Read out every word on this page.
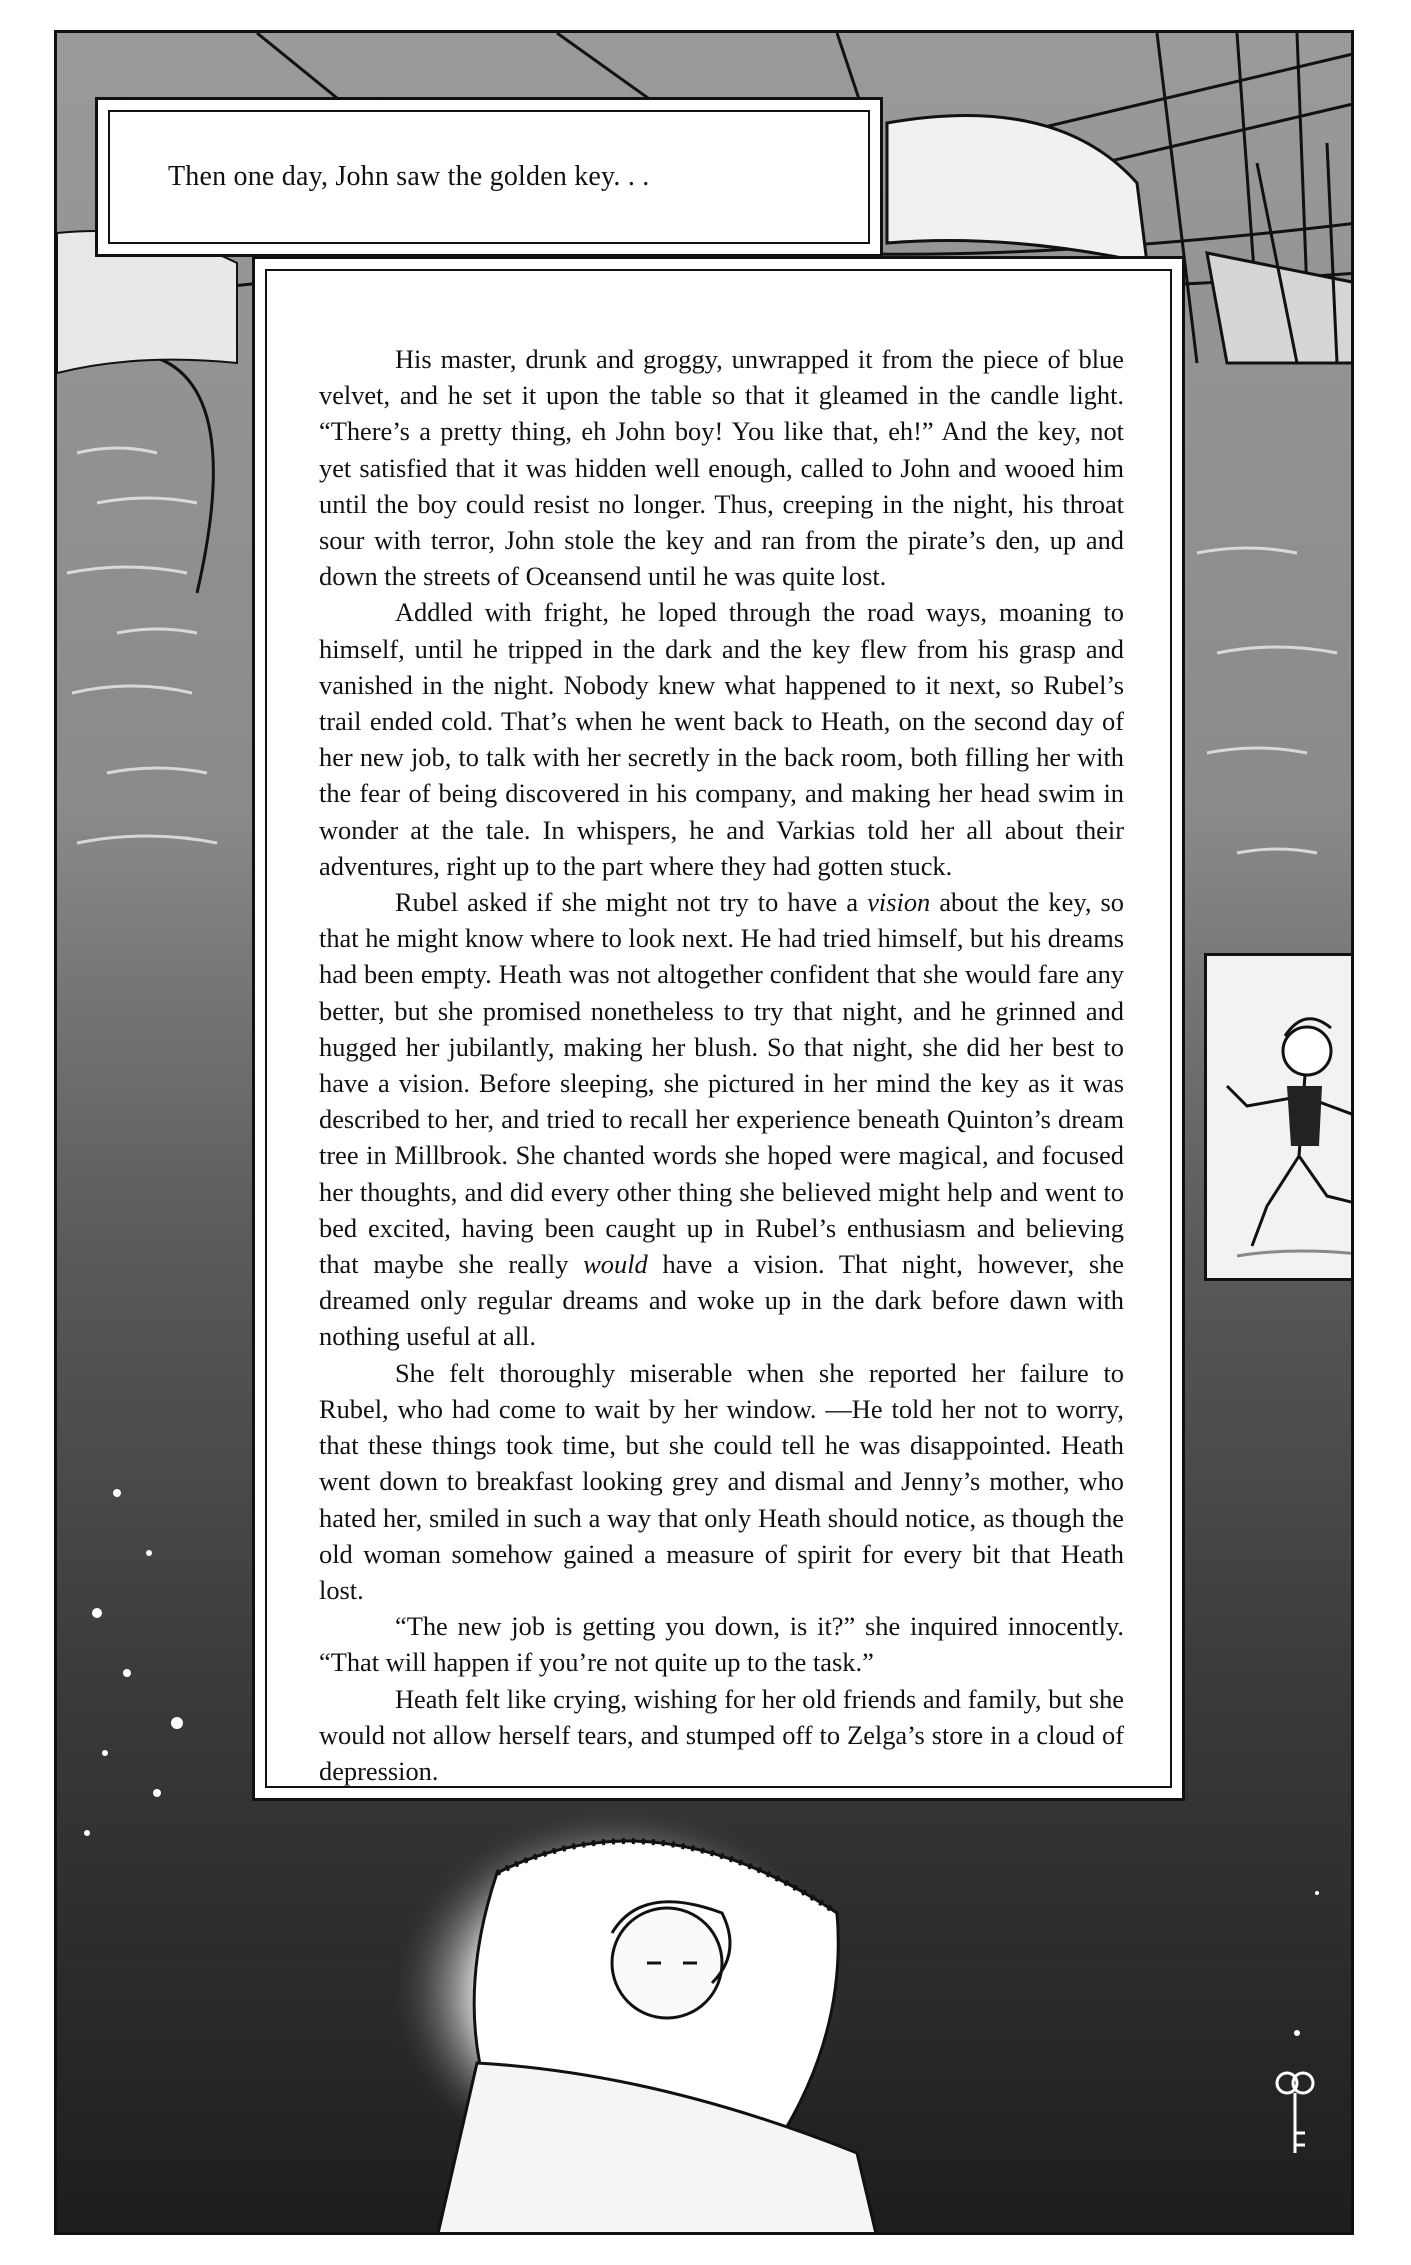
Then one day, John saw the golden key. . .

His master, drunk and groggy, unwrapped it from the piece of blue velvet, and he set it upon the table so that it gleamed in the candle light. “There’s a pretty thing, eh John boy! You like that, eh!” And the key, not yet satisfied that it was hidden well enough, called to John and wooed him until the boy could resist no longer. Thus, creeping in the night, his throat sour with terror, John stole the key and ran from the pirate’s den, up and down the streets of Oceansend until he was quite lost.

Addled with fright, he loped through the road ways, moaning to himself, until he tripped in the dark and the key flew from his grasp and vanished in the night. Nobody knew what happened to it next, so Rubel’s trail ended cold. That’s when he went back to Heath, on the second day of her new job, to talk with her secretly in the back room, both filling her with the fear of being discovered in his company, and making her head swim in wonder at the tale. In whispers, he and Varkias told her all about their adventures, right up to the part where they had gotten stuck.

Rubel asked if she might not try to have a vision about the key, so that he might know where to look next. He had tried himself, but his dreams had been empty. Heath was not altogether confident that she would fare any better, but she promised nonetheless to try that night, and he grinned and hugged her jubilantly, making her blush. So that night, she did her best to have a vision. Before sleeping, she pictured in her mind the key as it was described to her, and tried to recall her experience beneath Quinton’s dream tree in Millbrook. She chanted words she hoped were magical, and focused her thoughts, and did every other thing she believed might help and went to bed excited, having been caught up in Rubel’s enthusiasm and believing that maybe she really would have a vision. That night, however, she dreamed only regular dreams and woke up in the dark before dawn with nothing useful at all.

She felt thoroughly miserable when she reported her failure to Rubel, who had come to wait by her window. —He told her not to worry, that these things took time, but she could tell he was disappointed. Heath went down to breakfast looking grey and dismal and Jenny’s mother, who hated her, smiled in such a way that only Heath should notice, as though the old woman somehow gained a measure of spirit for every bit that Heath lost.

“The new job is getting you down, is it?” she inquired innocently. “That will happen if you’re not quite up to the task.”

Heath felt like crying, wishing for her old friends and family, but she would not allow herself tears, and stumped off to Zelga’s store in a cloud of depression.
